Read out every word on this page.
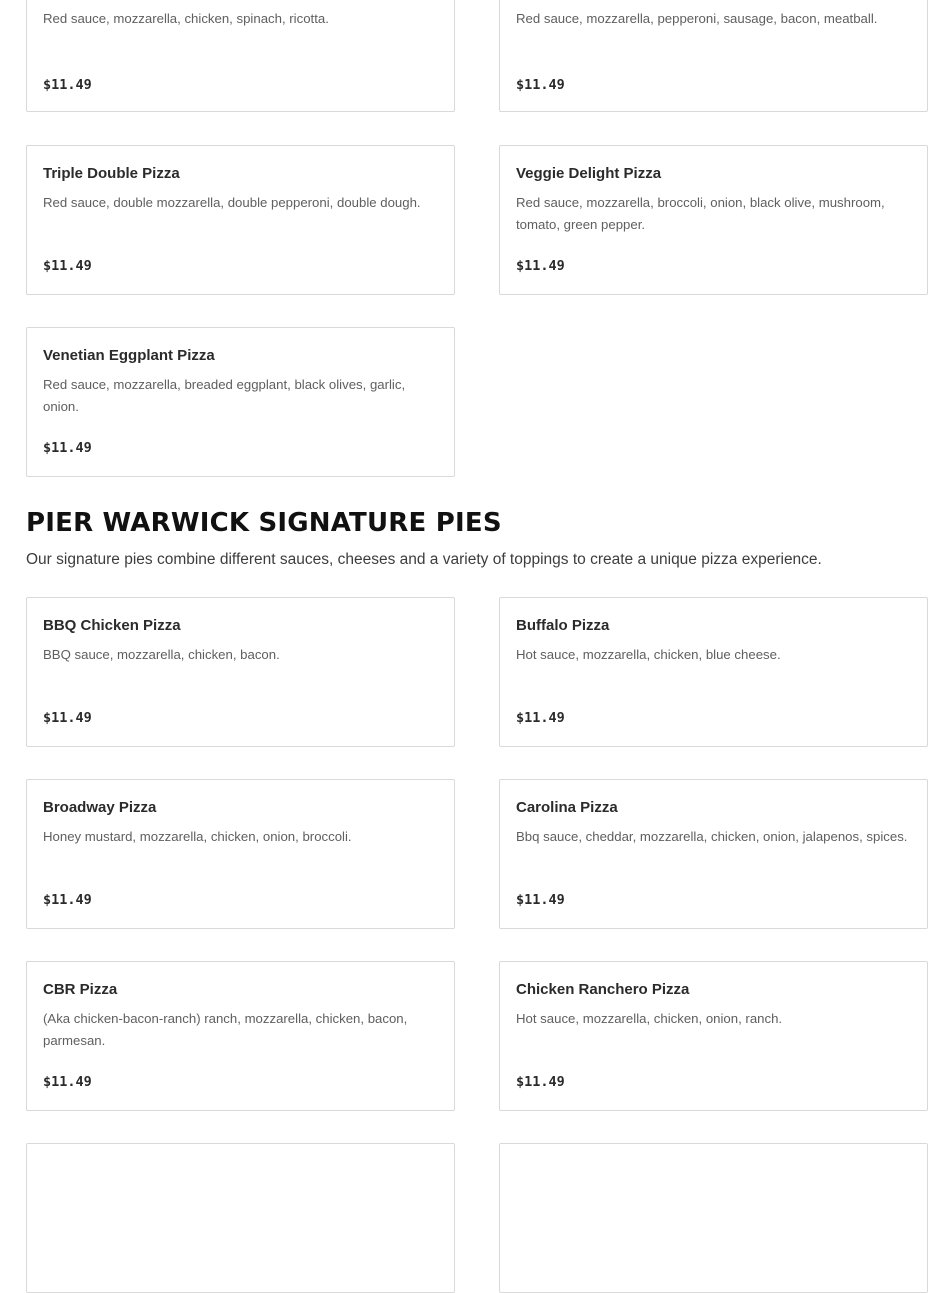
Red sauce, mozzarella, chicken, spinach, ricotta.
$11.49
Red sauce, mozzarella, pepperoni, sausage, bacon, meatball.
$11.49
Triple Double Pizza
Red sauce, double mozzarella, double pepperoni, double dough.
$11.49
Veggie Delight Pizza
Red sauce, mozzarella, broccoli, onion, black olive, mushroom, tomato, green pepper.
$11.49
Venetian Eggplant Pizza
Red sauce, mozzarella, breaded eggplant, black olives, garlic, onion.
$11.49
PIER WARWICK SIGNATURE PIES

Our signature pies combine different sauces, cheeses and a variety of toppings to create a unique pizza experience.

BBQ Chicken Pizza
BBQ sauce, mozzarella, chicken, bacon.
$11.49
Buffalo Pizza
Hot sauce, mozzarella, chicken, blue cheese.
$11.49
Broadway Pizza
Honey mustard, mozzarella, chicken, onion, broccoli.
$11.49
Carolina Pizza
Bbq sauce, cheddar, mozzarella, chicken, onion, jalapenos, spices.
$11.49
CBR Pizza
(Aka chicken-bacon-ranch) ranch, mozzarella, chicken, bacon, parmesan.
$11.49
Chicken Ranchero Pizza
Hot sauce, mozzarella, chicken, onion, ranch.
$11.49
